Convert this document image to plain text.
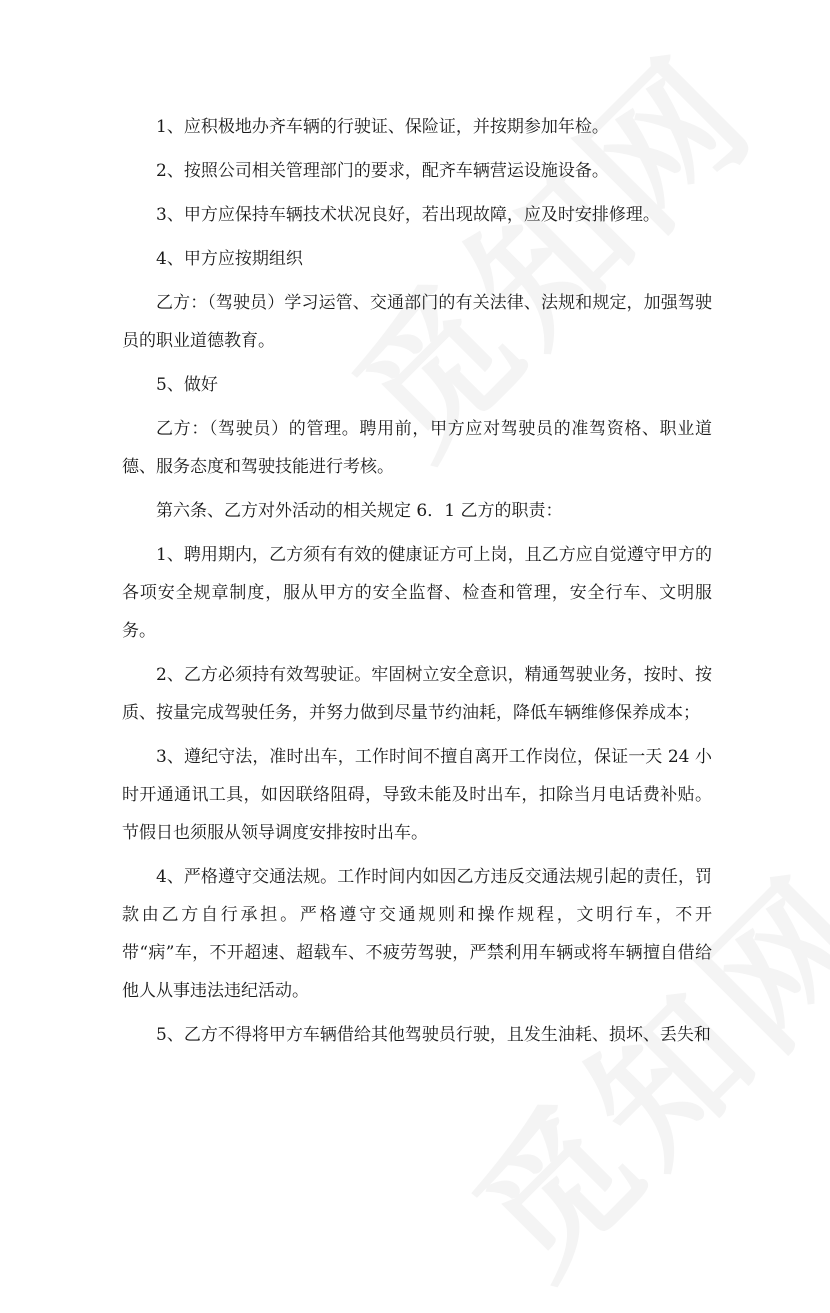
1、应积极地办齐车辆的行驶证、保险证，并按期参加年检。

2、按照公司相关管理部门的要求，配齐车辆营运设施设备。

3、甲方应保持车辆技术状况良好，若出现故障，应及时安排修理。

4、甲方应按期组织

乙方：（驾驶员）学习运管、交通部门的有关法律、法规和规定，加强驾驶员的职业道德教育。

5、做好

乙方：（驾驶员）的管理。聘用前，甲方应对驾驶员的准驾资格、职业道德、服务态度和驾驶技能进行考核。

第六条、乙方对外活动的相关规定 6．1 乙方的职责：

1、聘用期内，乙方须有有效的健康证方可上岗，且乙方应自觉遵守甲方的各项安全规章制度，服从甲方的安全监督、检查和管理，安全行车、文明服务。

2、乙方必须持有效驾驶证。牢固树立安全意识，精通驾驶业务，按时、按质、按量完成驾驶任务，并努力做到尽量节约油耗，降低车辆维修保养成本；

3、遵纪守法，准时出车，工作时间不擅自离开工作岗位，保证一天 24 小时开通通讯工具，如因联络阻碍，导致未能及时出车，扣除当月电话费补贴。节假日也须服从领导调度安排按时出车。

4、严格遵守交通法规。工作时间内如因乙方违反交通法规引起的责任，罚款由乙方自行承担。严格遵守交通规则和操作规程，文明行车，不开带“病”车，不开超速、超载车、不疲劳驾驶，严禁利用车辆或将车辆擅自借给他人从事违法违纪活动。

5、乙方不得将甲方车辆借给其他驾驶员行驶，且发生油耗、损坏、丢失和
